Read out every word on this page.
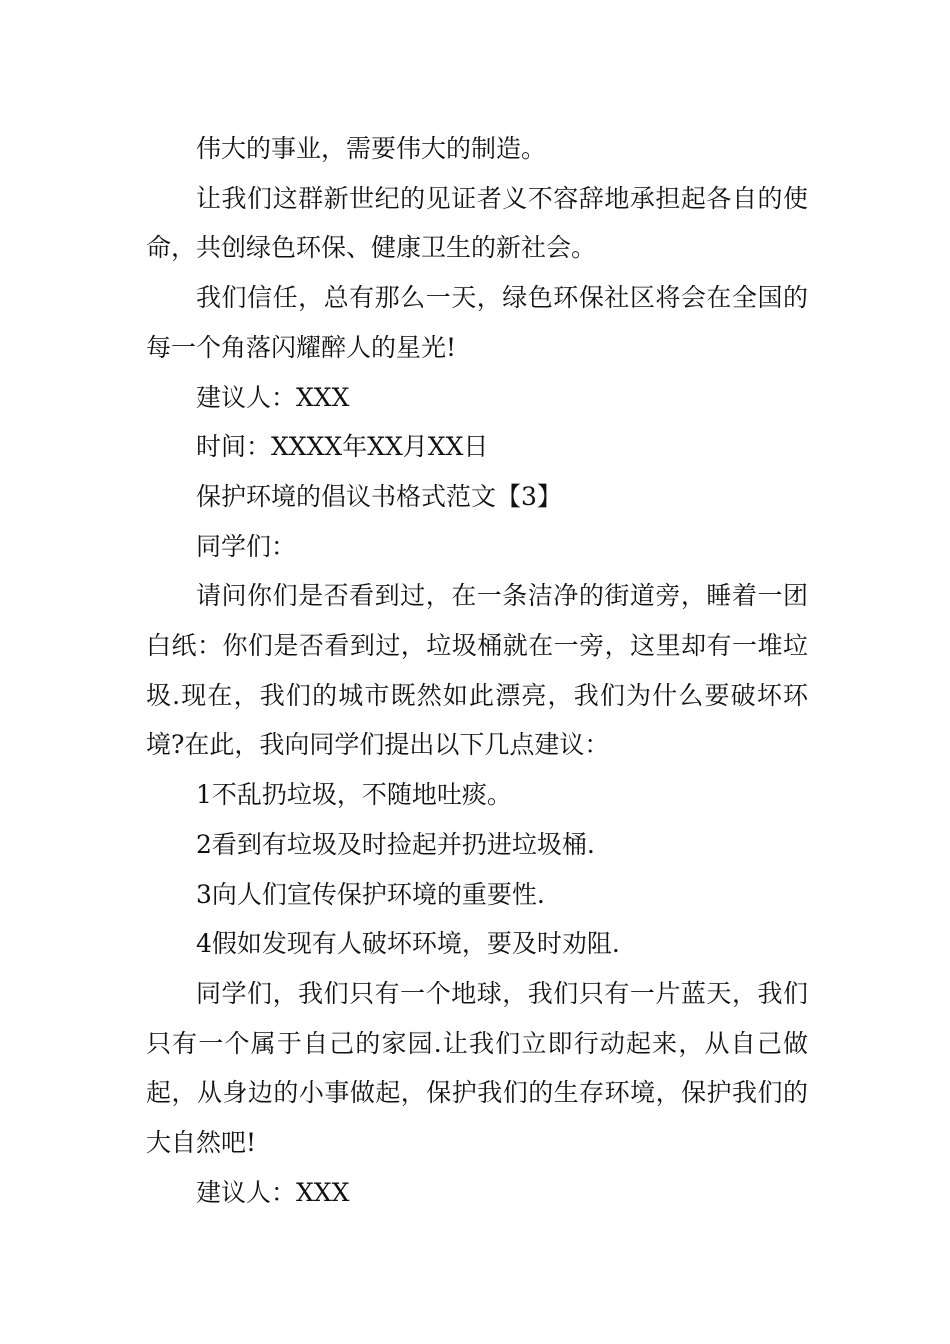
伟大的事业，需要伟大的制造。

让我们这群新世纪的见证者义不容辞地承担起各自的使命，共创绿色环保、健康卫生的新社会。

我们信任，总有那么一天，绿色环保社区将会在全国的每一个角落闪耀醉人的星光!

建议人：XXX

时间：XXXX年XX月XX日

保护环境的倡议书格式范文【3】

同学们：

请问你们是否看到过，在一条洁净的街道旁，睡着一团白纸：你们是否看到过，垃圾桶就在一旁，这里却有一堆垃圾.现在，我们的城市既然如此漂亮，我们为什么要破坏环境?在此，我向同学们提出以下几点建议：

1不乱扔垃圾，不随地吐痰。

2看到有垃圾及时捡起并扔进垃圾桶.

3向人们宣传保护环境的重要性.

4假如发现有人破坏环境，要及时劝阻.

同学们，我们只有一个地球，我们只有一片蓝天，我们只有一个属于自己的家园.让我们立即行动起来，从自己做起，从身边的小事做起，保护我们的生存环境，保护我们的大自然吧!

建议人：XXX
